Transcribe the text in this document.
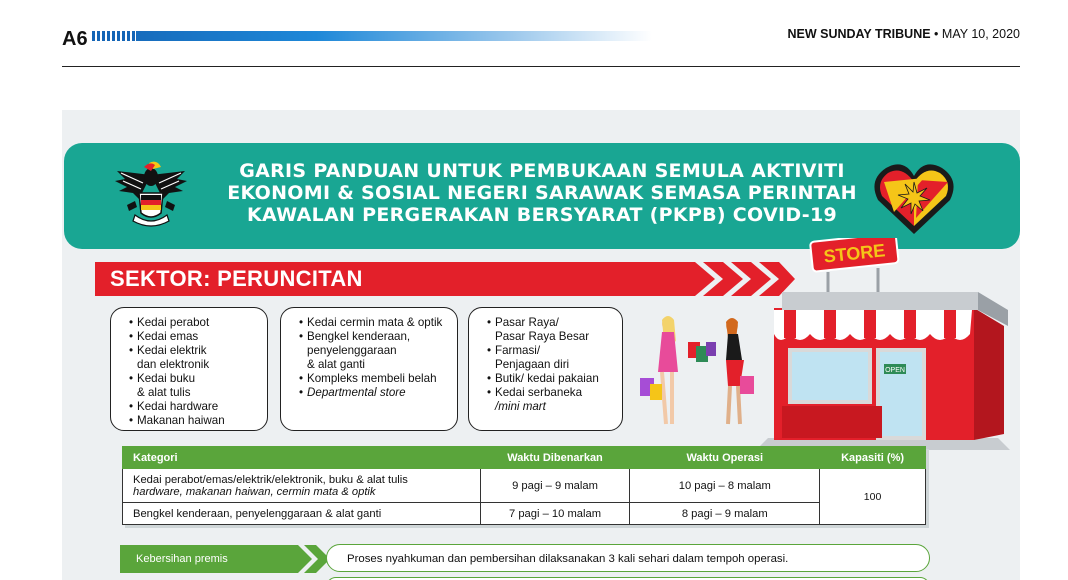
A6	NEW SUNDAY TRIBUNE • MAY 10, 2020
GARIS PANDUAN UNTUK PEMBUKAAN SEMULA AKTIVITI
EKONOMI & SOSIAL NEGERI SARAWAK SEMASA PERINTAH
KAWALAN PERGERAKAN BERSYARAT (PKPB) COVID-19
SEKTOR: PERUNCITAN
• Kedai perabot
• Kedai emas
• Kedai elektrik
dan elektronik
• Kedai buku
& alat tulis
• Kedai hardware
• Makanan haiwan
• Kedai cermin mata & optik
• Bengkel kenderaan,
penyelenggaraan
& alat ganti
• Kompleks membeli belah
• Departmental store
• Pasar Raya/
Pasar Raya Besar
• Farmasi/
Penjagaan diri
• Butik/ kedai pakaian
• Kedai serbaneka
/mini mart
OPEN
STORE
Kategori	Waktu Dibenarkan	Waktu Operasi	Kapasiti (%)

Kedai perabot/emas/elektrik/elektronik, buku & alat tulis
hardware, makanan haiwan, cermin mata & optik	9 pagi – 9 malam	10 pagi – 8 malam	100
Bengkel kenderaan, penyelenggaraan & alat ganti	7 pagi – 10 malam	8 pagi – 9 malam	
Kebersihan premis	Proses nyahkuman dan pembersihan dilaksanakan 3 kali sehari dalam tempoh operasi.
